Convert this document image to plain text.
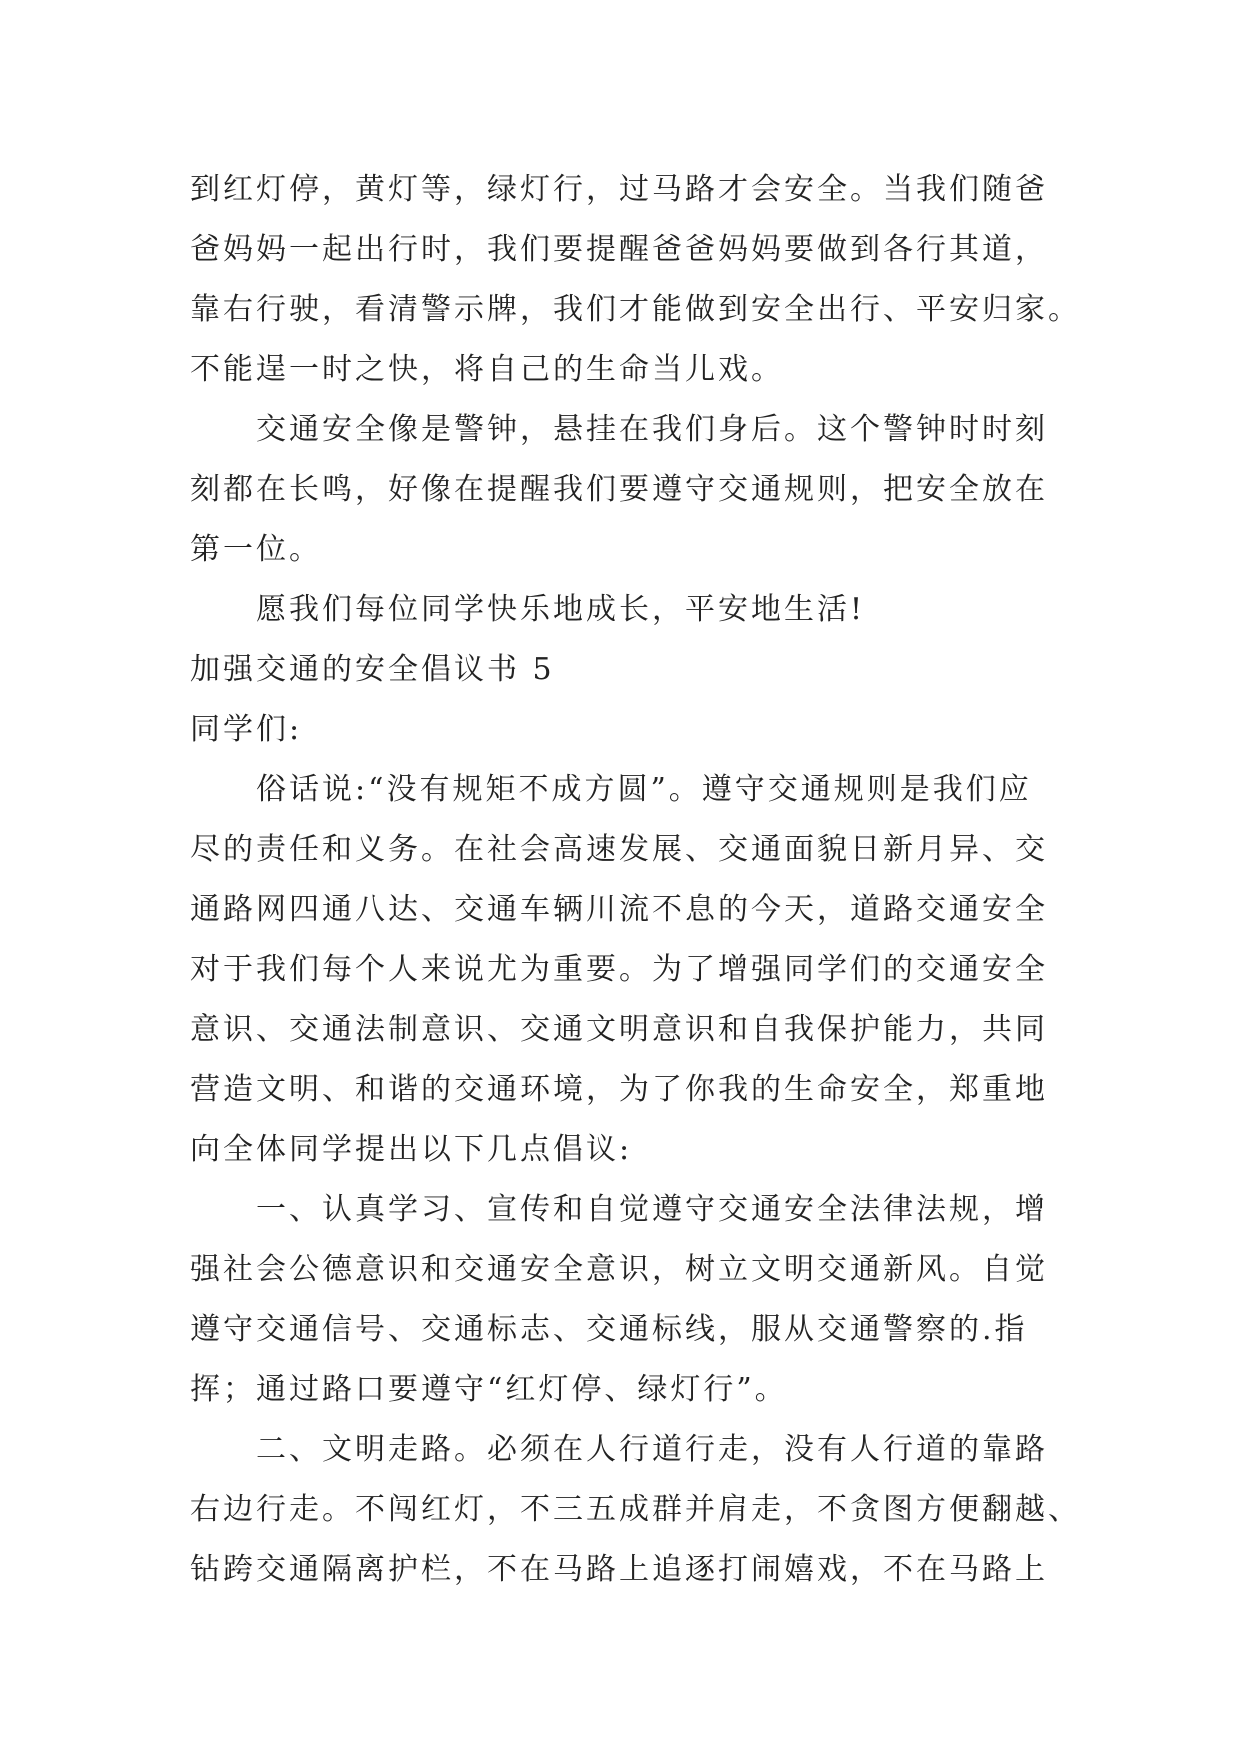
到红灯停，黄灯等，绿灯行，过马路才会安全。当我们随爸
爸妈妈一起出行时，我们要提醒爸爸妈妈要做到各行其道，
靠右行驶，看清警示牌，我们才能做到安全出行、平安归家。
不能逞一时之快，将自己的生命当儿戏。
交通安全像是警钟，悬挂在我们身后。这个警钟时时刻
刻都在长鸣，好像在提醒我们要遵守交通规则，把安全放在
第一位。
愿我们每位同学快乐地成长，平安地生活!
加强交通的安全倡议书 5
同学们:
俗话说:“没有规矩不成方圆”。遵守交通规则是我们应
尽的责任和义务。在社会高速发展、交通面貌日新月异、交
通路网四通八达、交通车辆川流不息的今天，道路交通安全
对于我们每个人来说尤为重要。为了增强同学们的交通安全
意识、交通法制意识、交通文明意识和自我保护能力，共同
营造文明、和谐的交通环境，为了你我的生命安全，郑重地
向全体同学提出以下几点倡议:
一、认真学习、宣传和自觉遵守交通安全法律法规，增
强社会公德意识和交通安全意识，树立文明交通新风。自觉
遵守交通信号、交通标志、交通标线，服从交通警察的.指
挥；通过路口要遵守“红灯停、绿灯行”。
二、文明走路。必须在人行道行走，没有人行道的靠路
右边行走。不闯红灯，不三五成群并肩走，不贪图方便翻越、
钻跨交通隔离护栏，不在马路上追逐打闹嬉戏，不在马路上
